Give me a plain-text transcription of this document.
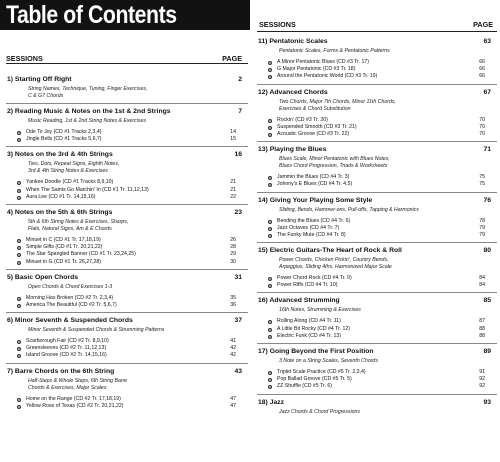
Table of Contents
SESSIONS	PAGE
1) Starting Off Right	2
String Names, Technique, Tuning, Finger Exercises,
C & G7 Chords
2) Reading Music & Notes on the 1st & 2nd Strings	7
Music Reading, 1st & 2nd String Notes & Exercises
Ode To Joy (CD #1 Tracks 2,3,4)	14
Jingle Bells (CD #1 Tracks 5,6,7)	15
3) Notes on the 3rd & 4th Strings	16
Ties, Dots, Repeat Signs, Eighth Notes,
3rd & 4th String Notes & Exercises
Yankee Doodle (CD #1 Tracks 8,9,10)	21
When The Saints Go Marchin' In (CD #1 Tr. 11,12,13)	21
Aura Lee (CD #1 Tr. 14,15,16)	22
4) Notes on the 5th & 6th Strings	23
5th & 6th String Notes & Exercises, Sharps,
Flats, Natural Signs, Am & E Chords
Minuet in C (CD #1 Tr. 17,18,19)	26
Simple Gifts (CD #1 Tr. 20,21,22)	28
The Star Spangled Banner (CD #1 Tr. 23,24,25)	29
Minuet in G (CD #1 Tr. 26,27,28)	30
5) Basic Open Chords	31
Open Chords & Chord Exercises 1-3
Morning Has Broken (CD #2 Tr. 2,3,4)	35
America The Beautiful (CD #2 Tr. 5,6,7)	36
6) Minor Seventh & Suspended Chords	37
Minor Seventh & Suspended Chords & Strumming Patterns
Scarborough Fair (CD #2 Tr. 8,9,10)	41
Greensleeves (CD #2 Tr. 11,12,13)	42
Island Groove (CD #2 Tr. 14,15,16)	42
7) Barre Chords on the 6th String	43
Half-Steps & Whole Steps, 6th String Barre
Chords & Exercises, Major Scales
Home on the Range (CD #2 Tr. 17,18,19)	47
Yellow Rose of Texas (CD #2 Tr. 20,21,22)	47
SESSIONS	PAGE
11) Pentatonic Scales	63
Pentatonic Scales, Forms & Pentatonic Patterns
A Minor Pentatonic Blues (CD #3 Tr. 17)	66
G Major Pentatonic (CD #3 Tr. 18)	66
Around the Pentatonic World (CD #3 Tr. 19)	66
12) Advanced Chords	67
Two Chords, Major 7th Chords, Minor 11th Chords,
Exercises & Chord Substitution
Rockin' (CD #3 Tr. 20)	70
Suspended Smooth (CD #3 Tr. 21)	70
Acoustic Groove (CD #3 Tr. 22)	70
13) Playing the Blues	71
Blues Scale, Minor Pentatonic with Blues Notes,
Blues Chord Progression, Triads & Worksheets
Jammin the Blues (CD #4 Tr. 3)	75
Johnny's E Blues (CD #4 Tr. 4,5)	75
14) Giving Your Playing Some Style	76
Sliding, Bends, Hammer-ons, Pull-offs, Tapping & Harmonics
Bending the Blues (CD #4 Tr. 6)	78
Jazz Octaves (CD #4 Tr. 7)	79
The Funky Mute (CD #4 Tr. 8)	79
15) Electric Guitars-The Heart of Rock & Roll	80
Power Chords, Chicken Pickin', Country Bends,
Arpeggios, Sliding 4ths, Harmonized Major Scale
Power Chord Rock (CD #4 Tr. 9)	84
Power Riffs (CD #4 Tr. 10)	84
16) Advanced Strumming	85
16th Notes, Strumming & Exercises
Rolling Along (CD #4 Tr. 11)	87
A Little Bit Rocky (CD #4 Tr. 12)	88
Electric Funk (CD #4 Tr. 13)	88
17) Going Beyond the First Position	89
3 Note on a String Scales, Seventh Chords
Triplet Scale Practice (CD #5 Tr. 2,3,4)	91
Pop Ballad Groove (CD #5 Tr. 5)	92
ZZ Shuffle (CD #5 Tr. 6)	92
18) Jazz	93
Jazz Chords & Chord Progressions
